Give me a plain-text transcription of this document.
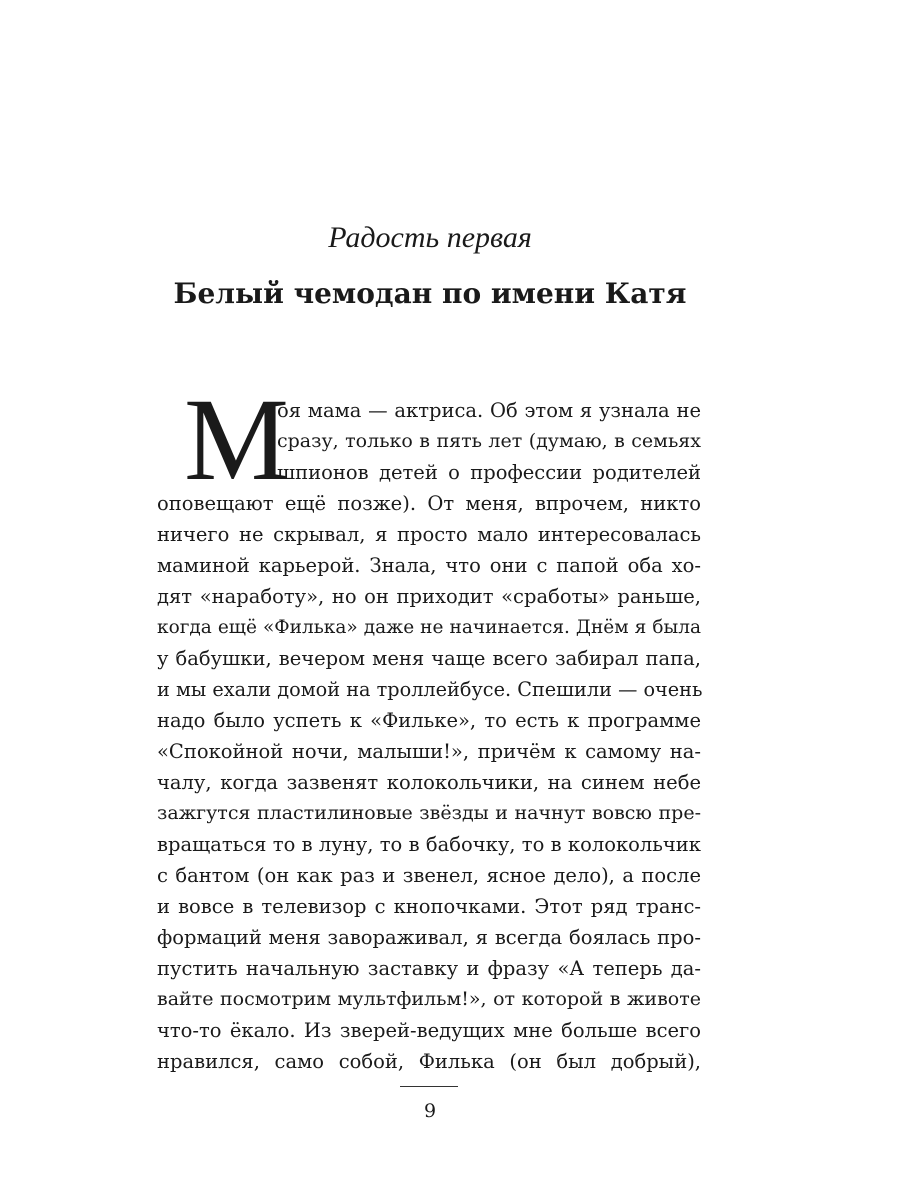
Радость первая
Белый чемодан по имени Катя
М
оя мама — актриса. Об этом я узнала не
сразу, только в пять лет (думаю, в семьях
шпионов детей о профессии родителей
оповещают ещё позже). От меня, впрочем, никто
ничего не скрывал, я просто мало интересовалась
маминой карьерой. Знала, что они с папой оба хо-
дят «наработу», но он приходит «сработы» раньше,
когда ещё «Филька» даже не начинается. Днём я была
у бабушки, вечером меня чаще всего забирал папа,
и мы ехали домой на троллейбусе. Спешили — очень
надо было успеть к «Фильке», то есть к программе
«Спокойной ночи, малыши!», причём к самому на-
чалу, когда зазвенят колокольчики, на синем небе
зажгутся пластилиновые звёзды и начнут вовсю пре-
вращаться то в луну, то в бабочку, то в колокольчик
с бантом (он как раз и звенел, ясное дело), а после
и вовсе в телевизор с кнопочками. Этот ряд транс-
формаций меня завораживал, я всегда боялась про-
пустить начальную заставку и фразу «А теперь да-
вайте посмотрим мультфильм!», от которой в животе
что-то ёкало. Из зверей-ведущих мне больше всего
нравился, само собой, Филька (он был добрый),
9
